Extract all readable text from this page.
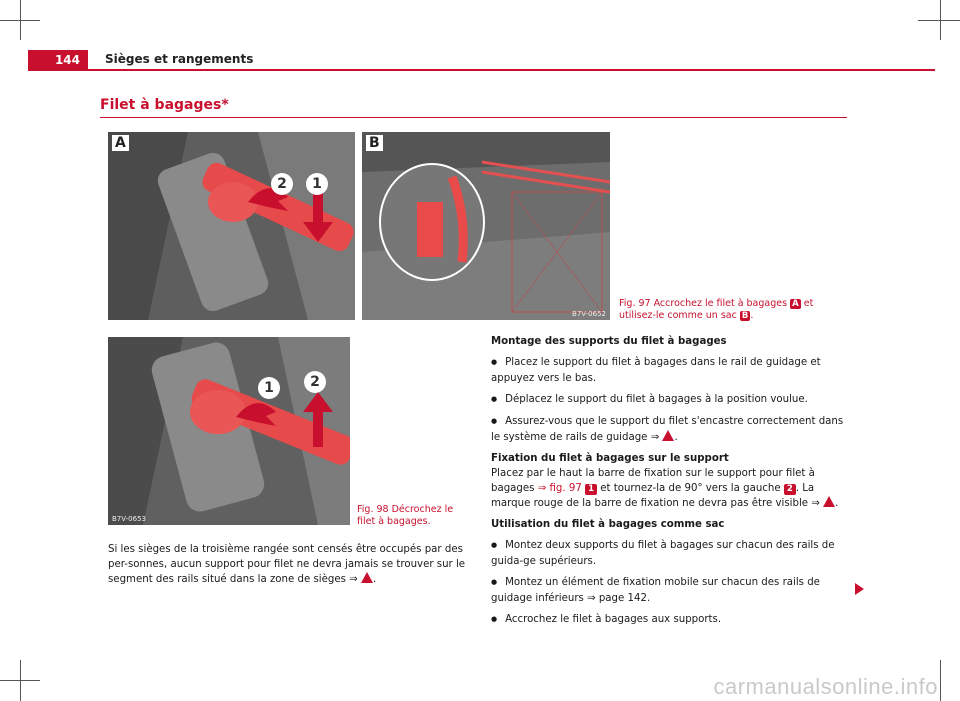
144	Sièges et rangements
Filet à bagages*
A
2	1
B
B7V-0652
Fig. 97 Accrochez le filet à bagages A et utilisez-le comme un sac B .
1	2
B7V-0653
Fig. 98 Décrochez le filet à bagages.

Si les sièges de la troisième rangée sont censés être occupés par des per-sonnes, aucun support pour filet ne devra jamais se trouver sur le segment des rails situé dans la zone de sièges ⇒ .

Montage des supports du filet à bagages

● Placez le support du filet à bagages dans le rail de guidage et appuyez vers le bas.

● Déplacez le support du filet à bagages à la position voulue.

● Assurez-vous que le support du filet s'encastre correctement dans le système de rails de guidage ⇒ .

Fixation du filet à bagages sur le support

Placez par le haut la barre de fixation sur le support pour filet à bagages ⇒ fig. 97 1 et tournez-la de 90° vers la gauche 2 . La marque rouge de la barre de fixation ne devra pas être visible ⇒ .

Utilisation du filet à bagages comme sac

● Montez deux supports du filet à bagages sur chacun des rails de guida-ge supérieurs.

● Montez un élément de fixation mobile sur chacun des rails de guidage inférieurs ⇒ page 142.

● Accrochez le filet à bagages aux supports.

carmanualsonline.info
